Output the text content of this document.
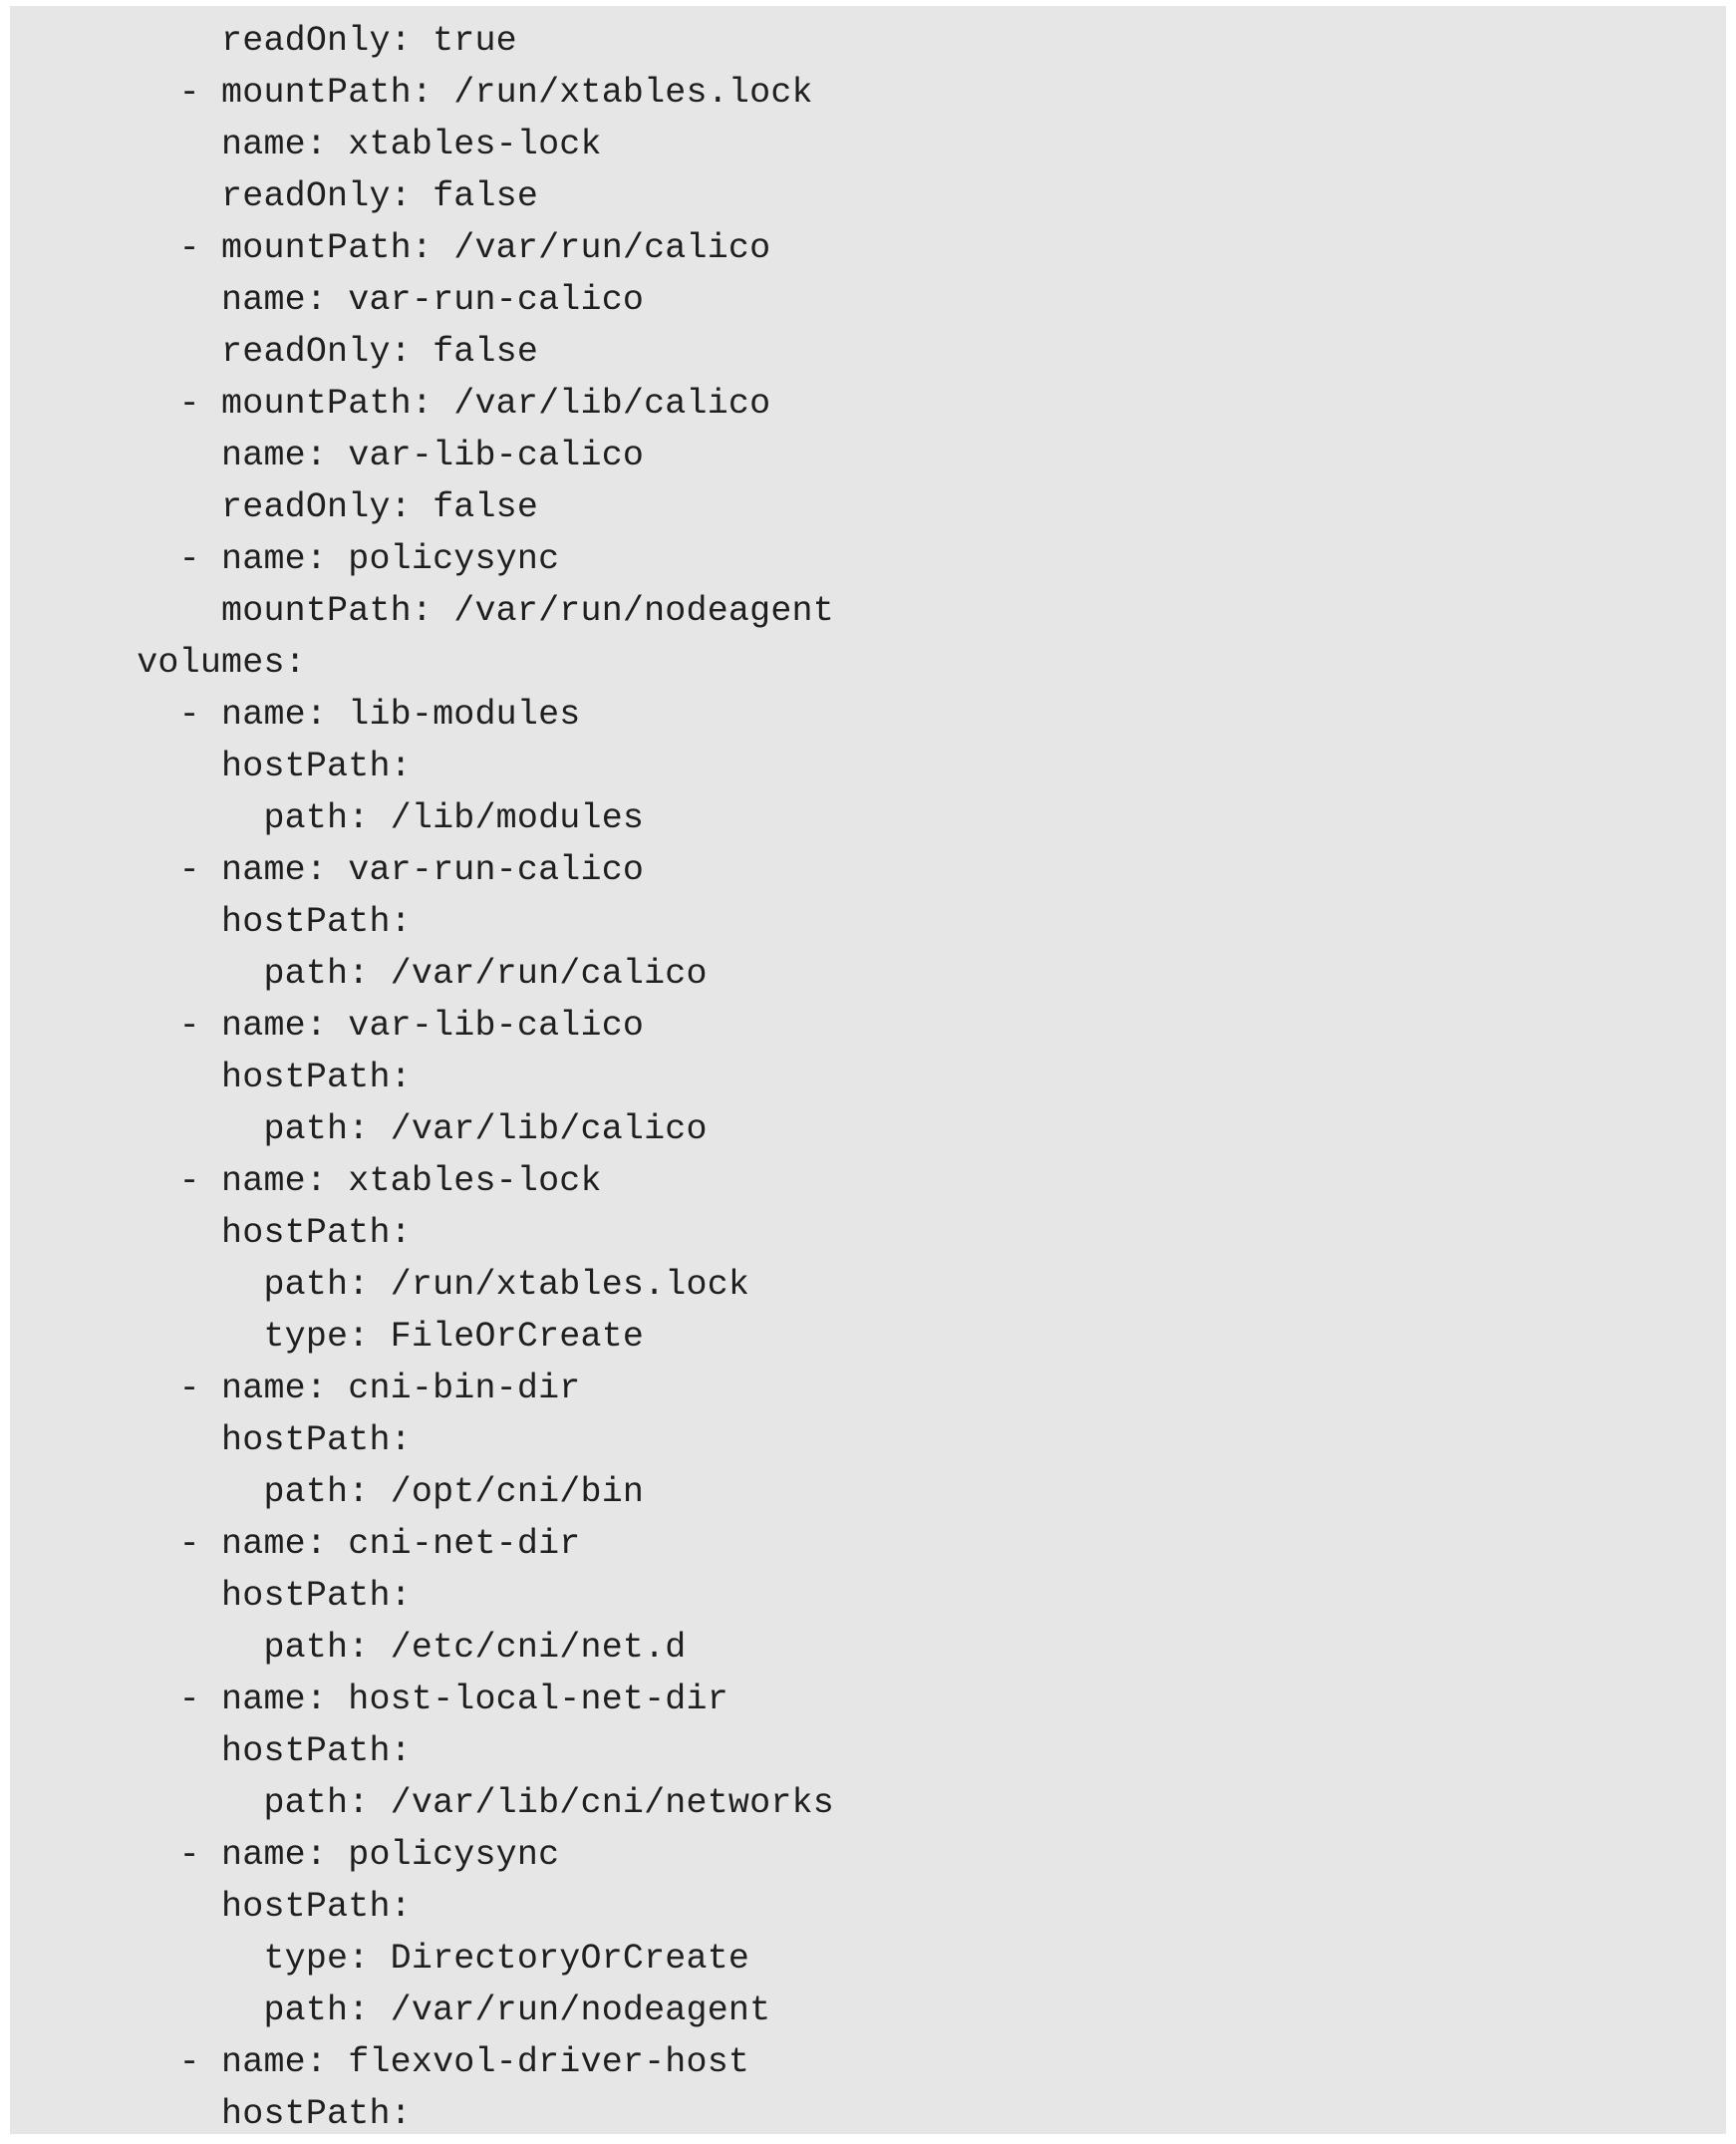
readOnly: true
- mountPath: /run/xtables.lock
name: xtables-lock
readOnly: false
- mountPath: /var/run/calico
name: var-run-calico
readOnly: false
- mountPath: /var/lib/calico
name: var-lib-calico
readOnly: false
- name: policysync
mountPath: /var/run/nodeagent
volumes:
- name: lib-modules
hostPath:
path: /lib/modules
- name: var-run-calico
hostPath:
path: /var/run/calico
- name: var-lib-calico
hostPath:
path: /var/lib/calico
- name: xtables-lock
hostPath:
path: /run/xtables.lock
type: FileOrCreate
- name: cni-bin-dir
hostPath:
path: /opt/cni/bin
- name: cni-net-dir
hostPath:
path: /etc/cni/net.d
- name: host-local-net-dir
hostPath:
path: /var/lib/cni/networks
- name: policysync
hostPath:
type: DirectoryOrCreate
path: /var/run/nodeagent
- name: flexvol-driver-host
hostPath:
